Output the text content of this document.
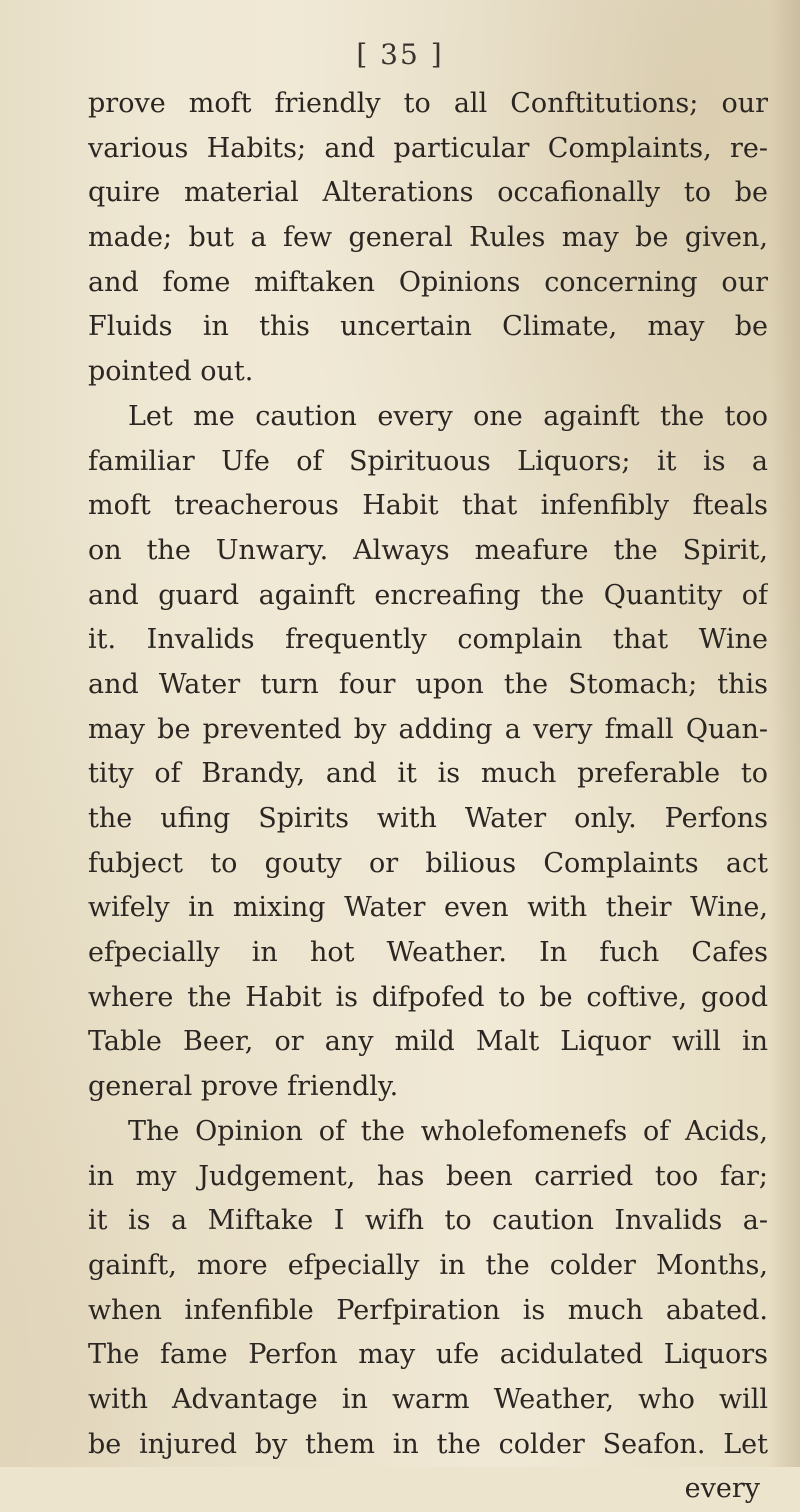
[ 35 ]
prove moft friendly to all Conftitutions; our
various Habits; and particular Complaints, re-
quire material Alterations occafionally to be
made; but a few general Rules may be given,
and fome miftaken Opinions concerning our
Fluids in this uncertain Climate, may be
pointed out.
Let me caution every one againft the too
familiar Ufe of Spirituous Liquors; it is a
moft treacherous Habit that infenfibly fteals
on the Unwary. Always meafure the Spirit,
and guard againft encreafing the Quantity of
it. Invalids frequently complain that Wine
and Water turn four upon the Stomach; this
may be prevented by adding a very fmall Quan-
tity of Brandy, and it is much preferable to
the ufing Spirits with Water only. Perfons
fubject to gouty or bilious Complaints act
wifely in mixing Water even with their Wine,
efpecially in hot Weather. In fuch Cafes
where the Habit is difpofed to be coftive, good
Table Beer, or any mild Malt Liquor will in
general prove friendly.
The Opinion of the wholefomenefs of Acids,
in my Judgement, has been carried too far;
it is a Miftake I wifh to caution Invalids a-
gainft, more efpecially in the colder Months,
when infenfible Perfpiration is much abated.
The fame Perfon may ufe acidulated Liquors
with Advantage in warm Weather, who will
be injured by them in the colder Seafon. Let
every
